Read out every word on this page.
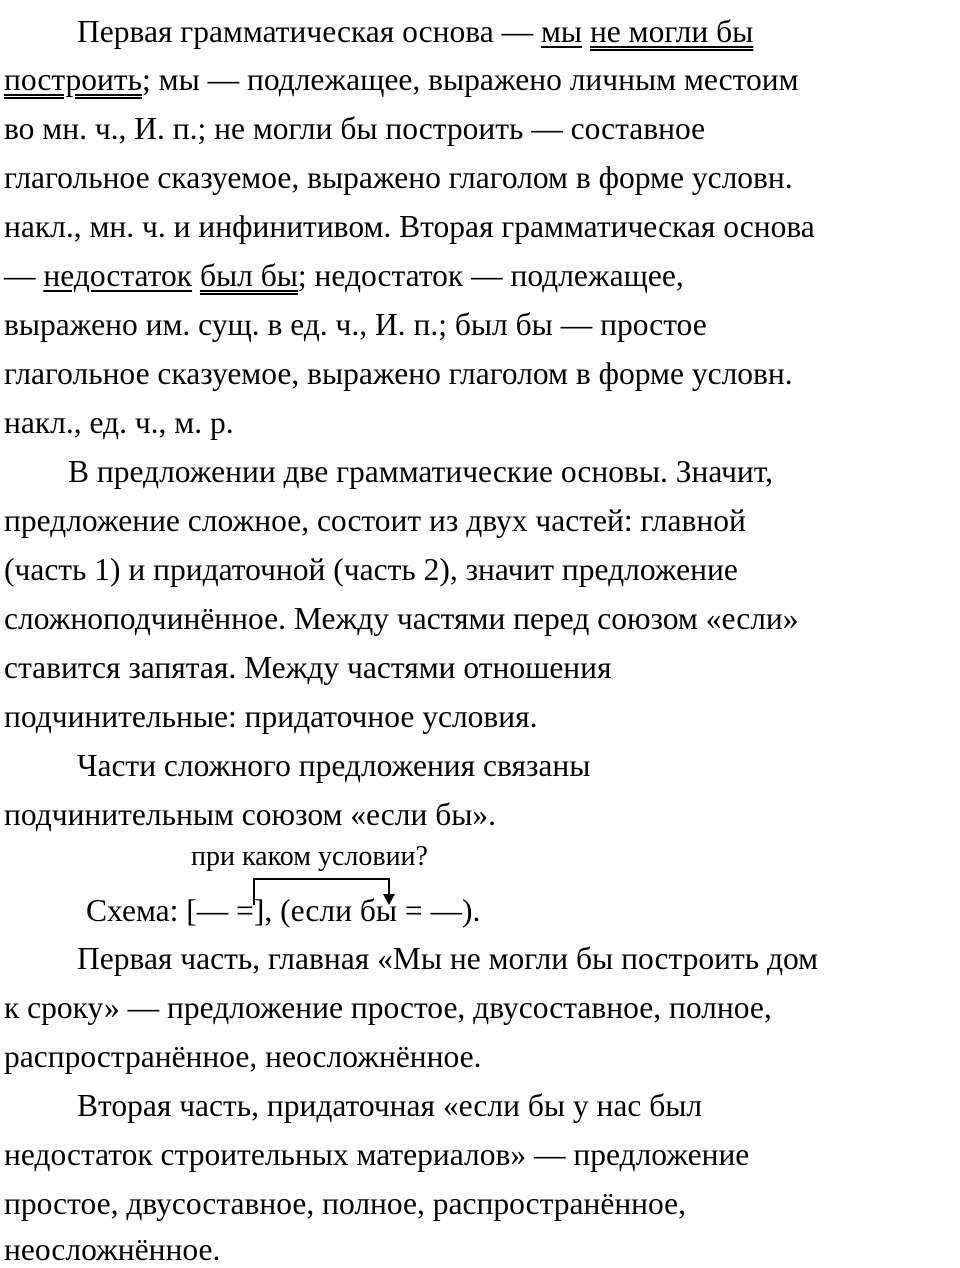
Первая грамматическая основа — мы не могли бы
построить; мы — подлежащее, выражено личным местоим
во мн. ч., И. п.; не могли бы построить — составное
глагольное сказуемое, выражено глаголом в форме условн.
накл., мн. ч. и инфинитивом. Вторая грамматическая основа
— недостаток был бы; недостаток — подлежащее,
выражено им. сущ. в ед. ч., И. п.; был бы — простое
глагольное сказуемое, выражено глаголом в форме условн.
накл., ед. ч., м. р.
В предложении две грамматические основы. Значит,
предложение сложное, состоит из двух частей: главной
(часть 1) и придаточной (часть 2), значит предложение
сложноподчинённое. Между частями перед союзом «если»
ставится запятая. Между частями отношения
подчинительные: придаточное условия.
Части сложного предложения связаны
подчинительным союзом «если бы».
при каком условии?
Схема: [— =], (если бы = —).
Первая часть, главная «Мы не могли бы построить дом
к сроку» — предложение простое, двусоставное, полное,
распространённое, неосложнённое.
Вторая часть, придаточная «если бы у нас был
недостаток строительных материалов» — предложение
простое, двусоставное, полное, распространённое,
неосложнённое.
